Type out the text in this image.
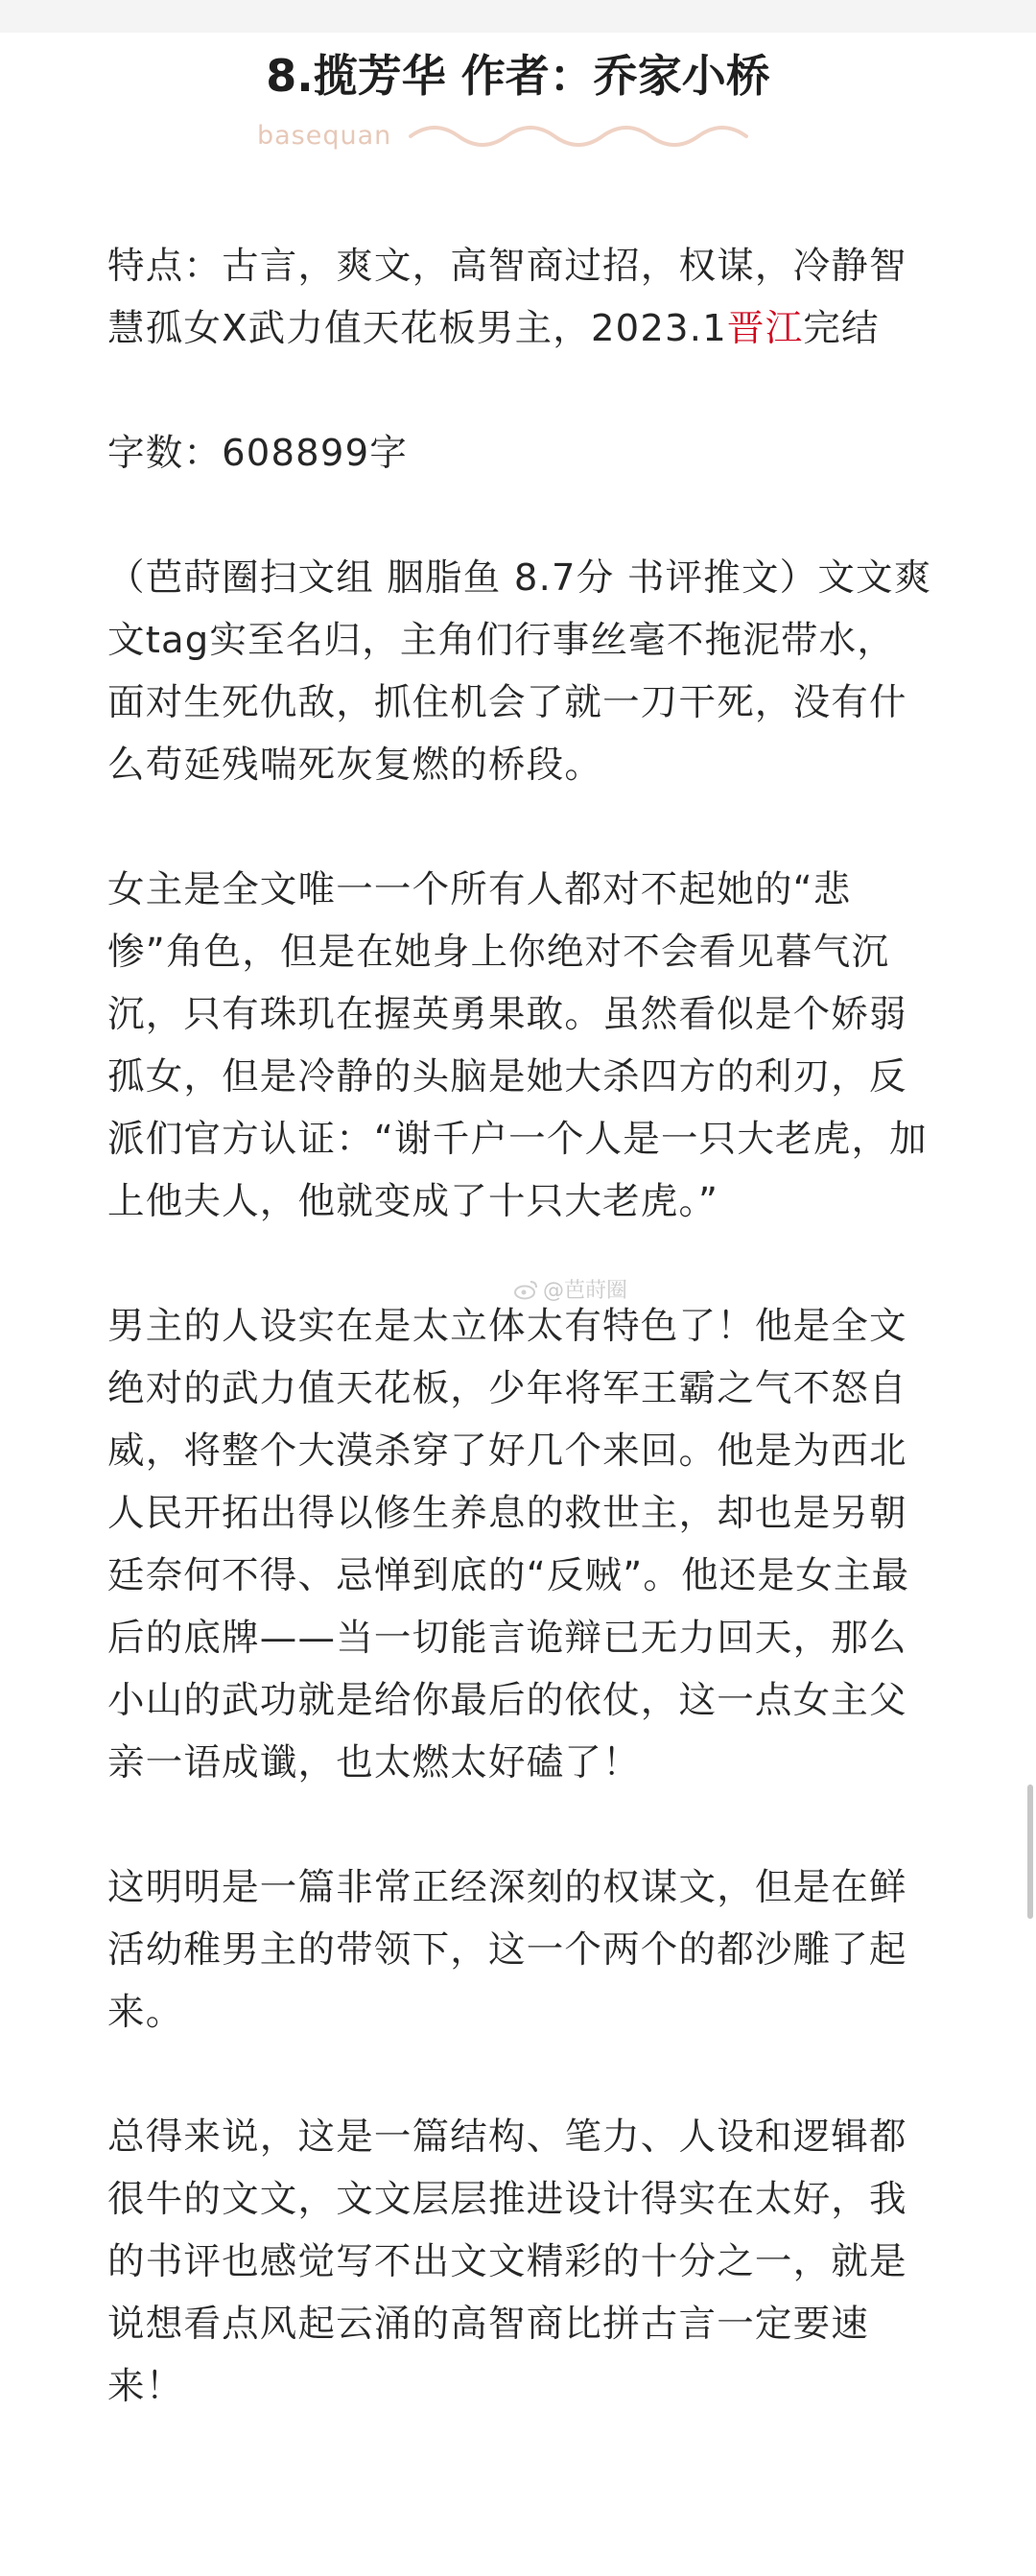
8.揽芳华 作者：乔家小桥
basequan

特点：古言，爽文，高智商过招，权谋，冷静智慧孤女X武力值天花板男主，2023.1晋江完结

字数：608899字

（芭莳圈扫文组 胭脂鱼 8.7分 书评推文）文文爽文tag实至名归，主角们行事丝毫不拖泥带水，面对生死仇敌，抓住机会了就一刀干死，没有什么苟延残喘死灰复燃的桥段。

女主是全文唯一一个所有人都对不起她的“悲惨”角色，但是在她身上你绝对不会看见暮气沉沉，只有珠玑在握英勇果敢。虽然看似是个娇弱孤女，但是冷静的头脑是她大杀四方的利刃，反派们官方认证：“谢千户一个人是一只大老虎，加上他夫人，他就变成了十只大老虎。”

男主的人设实在是太立体太有特色了！他是全文绝对的武力值天花板，少年将军王霸之气不怒自威，将整个大漠杀穿了好几个来回。他是为西北人民开拓出得以修生养息的救世主，却也是另朝廷奈何不得、忌惮到底的“反贼”。他还是女主最后的底牌——当一切能言诡辩已无力回天，那么小山的武功就是给你最后的依仗，这一点女主父亲一语成谶，也太燃太好磕了！

这明明是一篇非常正经深刻的权谋文，但是在鲜活幼稚男主的带领下，这一个两个的都沙雕了起来。

总得来说，这是一篇结构、笔力、人设和逻辑都很牛的文文，文文层层推进设计得实在太好，我的书评也感觉写不出文文精彩的十分之一，就是说想看点风起云涌的高智商比拼古言一定要速来！

@芭莳圈
